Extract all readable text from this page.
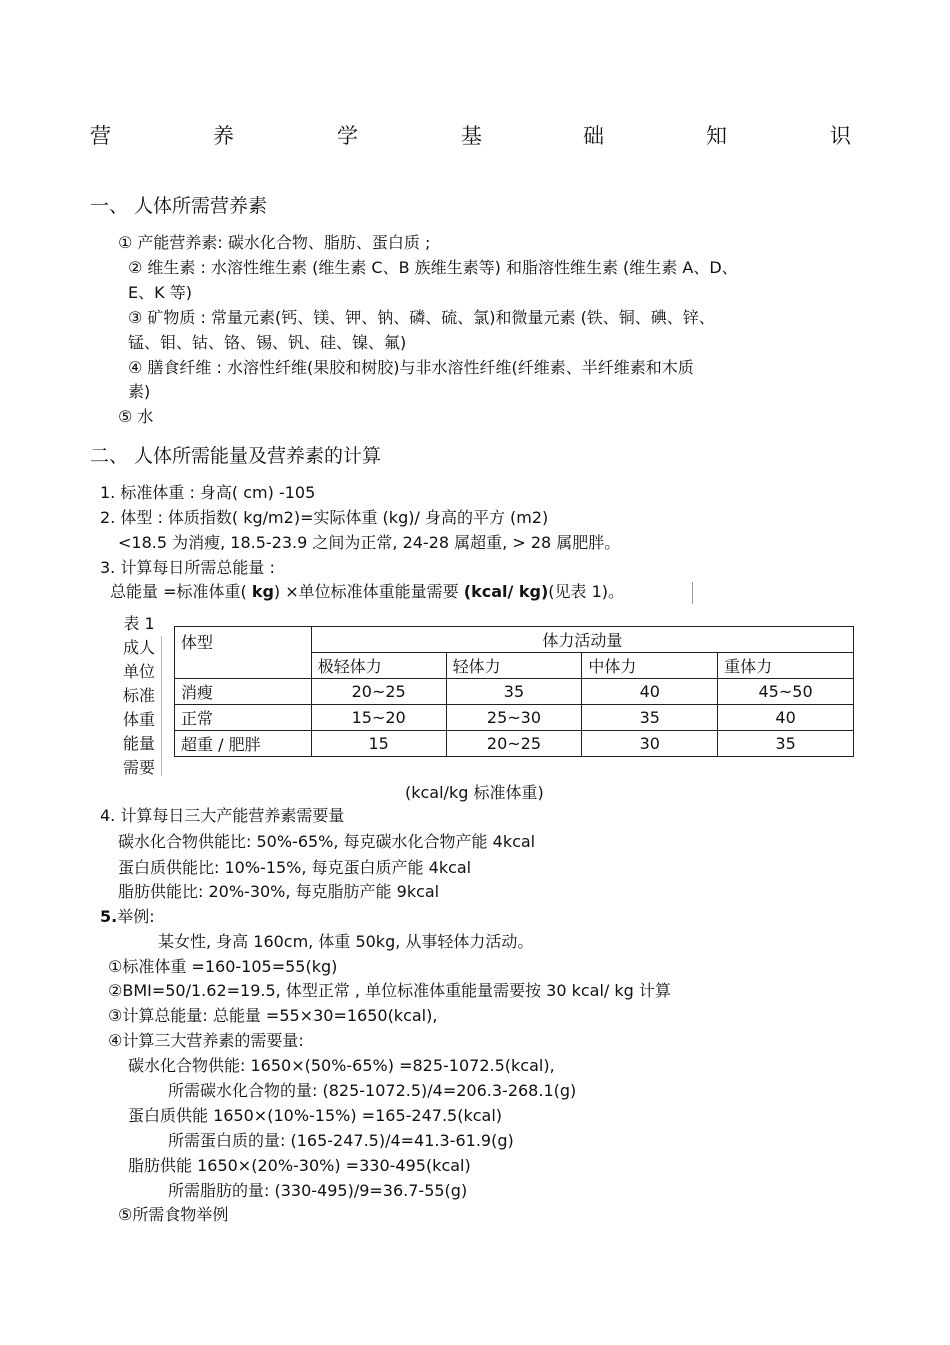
营	养	学	基	础	知	识
一、 人体所需营养素
① 产能营养素: 碳水化合物、脂肪、蛋白质 ;
② 维生素 : 水溶性维生素 (维生素 C、B 族维生素等) 和脂溶性维生素 (维生素 A、D、
E、K 等)
③ 矿物质 : 常量元素(钙、镁、钾、钠、磷、硫、氯)和微量元素 (铁、铜、碘、锌、
锰、钼、钴、铬、锡、钒、硅、镍、氟)
④ 膳食纤维 : 水溶性纤维(果胶和树胶)与非水溶性纤维(纤维素、半纤维素和木质
素)
⑤ 水
二、 人体所需能量及营养素的计算
1. 标准体重 : 身高( cm) -105
2. 体型 : 体质指数( kg/m2)=实际体重 (kg)/ 身高的平方 (m2)
<18.5 为消瘦, 18.5-23.9 之间为正常, 24-28 属超重, > 28 属肥胖。
3. 计算每日所需总能量 :
总能量 =标准体重( kg) ×单位标准体重能量需要 (kcal/ kg)(见表 1)。
表 1
成人
单位
标准
体重
能量
需要
体型	体力活动量			
	极轻体力	轻体力	中体力	重体力
消瘦	20~25	35	40	45~50
正常	15~20	25~30	35	40
超重 / 肥胖	15	20~25	30	35
(kcal/kg 标准体重)
4. 计算每日三大产能营养素需要量
碳水化合物供能比: 50%-65%, 每克碳水化合物产能 4kcal
蛋白质供能比: 10%-15%, 每克蛋白质产能 4kcal
脂肪供能比: 20%-30%, 每克脂肪产能 9kcal
5.举例:
某女性, 身高 160cm, 体重 50kg, 从事轻体力活动。
①标准体重 =160-105=55(kg)
②BMI=50/1.62=19.5, 体型正常 , 单位标准体重能量需要按 30 kcal/ kg 计算
③计算总能量: 总能量 =55×30=1650(kcal),
④计算三大营养素的需要量:
碳水化合物供能: 1650×(50%-65%) =825-1072.5(kcal),
所需碳水化合物的量: (825-1072.5)/4=206.3-268.1(g)
蛋白质供能 1650×(10%-15%) =165-247.5(kcal)
所需蛋白质的量: (165-247.5)/4=41.3-61.9(g)
脂肪供能 1650×(20%-30%) =330-495(kcal)
所需脂肪的量: (330-495)/9=36.7-55(g)
⑤所需食物举例
